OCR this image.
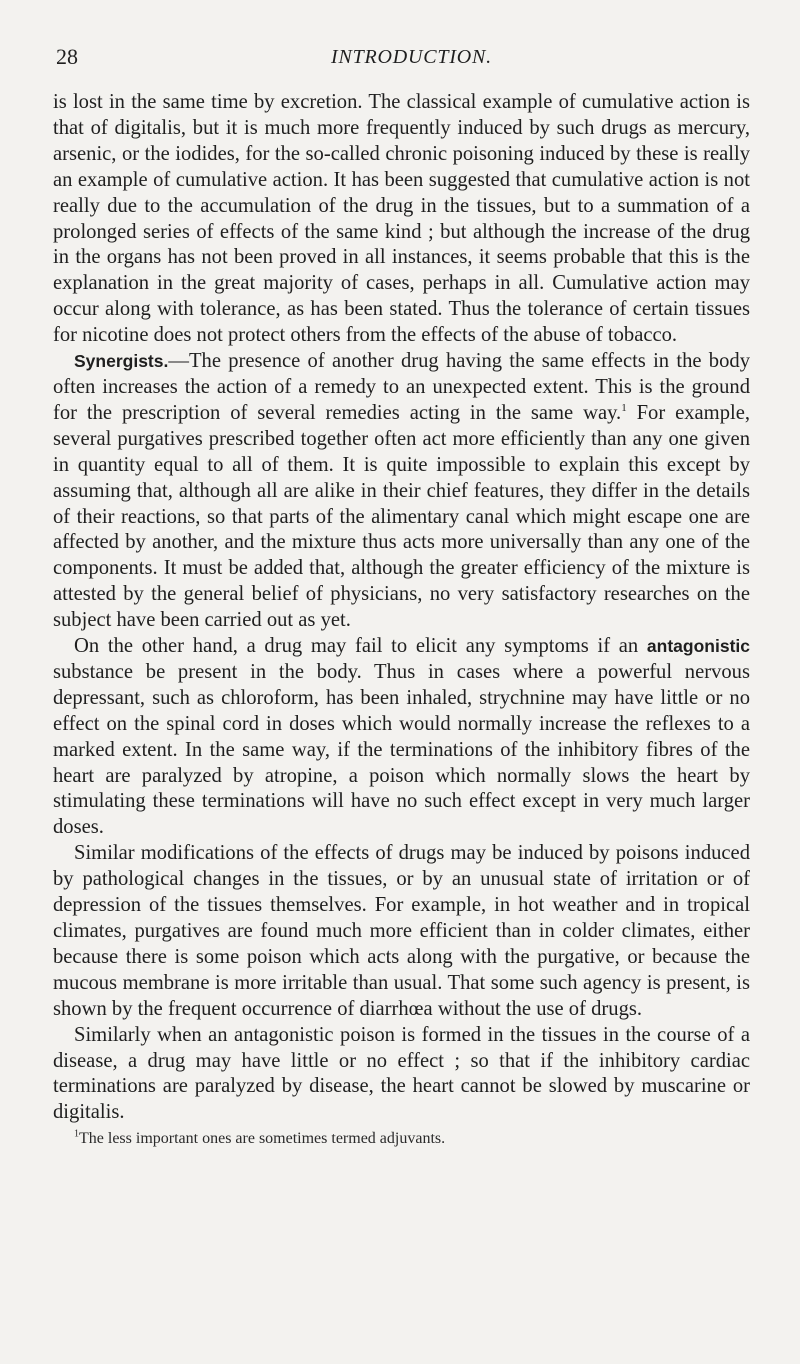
28	INTRODUCTION.

is lost in the same time by excretion. The classical example of cumulative action is that of digitalis, but it is much more frequently induced by such drugs as mercury, arsenic, or the iodides, for the so-called chronic poisoning induced by these is really an example of cumulative action. It has been suggested that cumulative action is not really due to the accumulation of the drug in the tissues, but to a summation of a prolonged series of effects of the same kind ; but although the increase of the drug in the organs has not been proved in all instances, it seems probable that this is the explanation in the great majority of cases, perhaps in all. Cumulative action may occur along with tolerance, as has been stated. Thus the tolerance of certain tissues for nicotine does not protect others from the effects of the abuse of tobacco.

Synergists.—The presence of another drug having the same effects in the body often increases the action of a remedy to an unexpected extent. This is the ground for the prescription of several remedies acting in the same way.$^1$ For example, several purgatives prescribed together often act more efficiently than any one given in quantity equal to all of them. It is quite impossible to explain this except by assuming that, although all are alike in their chief features, they differ in the details of their reactions, so that parts of the alimentary canal which might escape one are affected by another, and the mixture thus acts more universally than any one of the components. It must be added that, although the greater efficiency of the mixture is attested by the general belief of physicians, no very satisfactory researches on the subject have been carried out as yet.

On the other hand, a drug may fail to elicit any symptoms if an antagonistic substance be present in the body. Thus in cases where a powerful nervous depressant, such as chloroform, has been inhaled, strychnine may have little or no effect on the spinal cord in doses which would normally increase the reflexes to a marked extent. In the same way, if the terminations of the inhibitory fibres of the heart are paralyzed by atropine, a poison which normally slows the heart by stimulating these terminations will have no such effect except in very much larger doses.

Similar modifications of the effects of drugs may be induced by poisons induced by pathological changes in the tissues, or by an unusual state of irritation or of depression of the tissues themselves. For example, in hot weather and in tropical climates, purgatives are found much more efficient than in colder climates, either because there is some poison which acts along with the purgative, or because the mucous membrane is more irritable than usual. That some such agency is present, is shown by the frequent occurrence of diarrhœa without the use of drugs.

Similarly when an antagonistic poison is formed in the tissues in the course of a disease, a drug may have little or no effect ; so that if the inhibitory cardiac terminations are paralyzed by disease, the heart cannot be slowed by muscarine or digitalis.

$^1$The less important ones are sometimes termed adjuvants.
